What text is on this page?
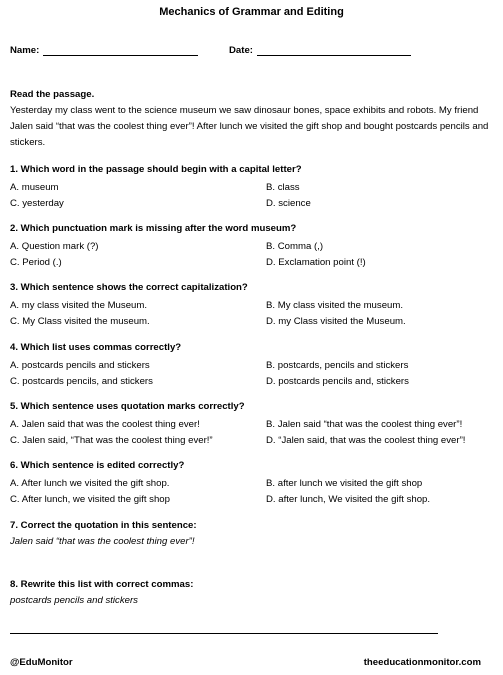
Mechanics of Grammar and Editing
Name:	Date:
Read the passage.
Yesterday my class went to the science museum we saw dinosaur bones, space exhibits and robots. My friend Jalen said “that was the coolest thing ever”! After lunch we visited the gift shop and bought postcards pencils and stickers.
1. Which word in the passage should begin with a capital letter?
A. museum	B. class
C. yesterday	D. science
2. Which punctuation mark is missing after the word museum?
A. Question mark (?)	B. Comma (,)
C. Period (.)	D. Exclamation point (!)
3. Which sentence shows the correct capitalization?
A. my class visited the Museum.	B. My class visited the museum.
C. My Class visited the museum.	D. my Class visited the Museum.
4. Which list uses commas correctly?
A. postcards pencils and stickers	B. postcards, pencils and stickers
C. postcards pencils, and stickers	D. postcards pencils and, stickers
5. Which sentence uses quotation marks correctly?
A. Jalen said that was the coolest thing ever!	B. Jalen said “that was the coolest thing ever”!
C. Jalen said, “That was the coolest thing ever!”	D. “Jalen said, that was the coolest thing ever”!
6. Which sentence is edited correctly?
A. After lunch we visited the gift shop.	B. after lunch we visited the gift shop
C. After lunch, we visited the gift shop	D. after lunch, We visited the gift shop.
7. Correct the quotation in this sentence:
Jalen said “that was the coolest thing ever”!
8. Rewrite this list with correct commas:
postcards pencils and stickers
@EduMonitor	theeducationmonitor.com
